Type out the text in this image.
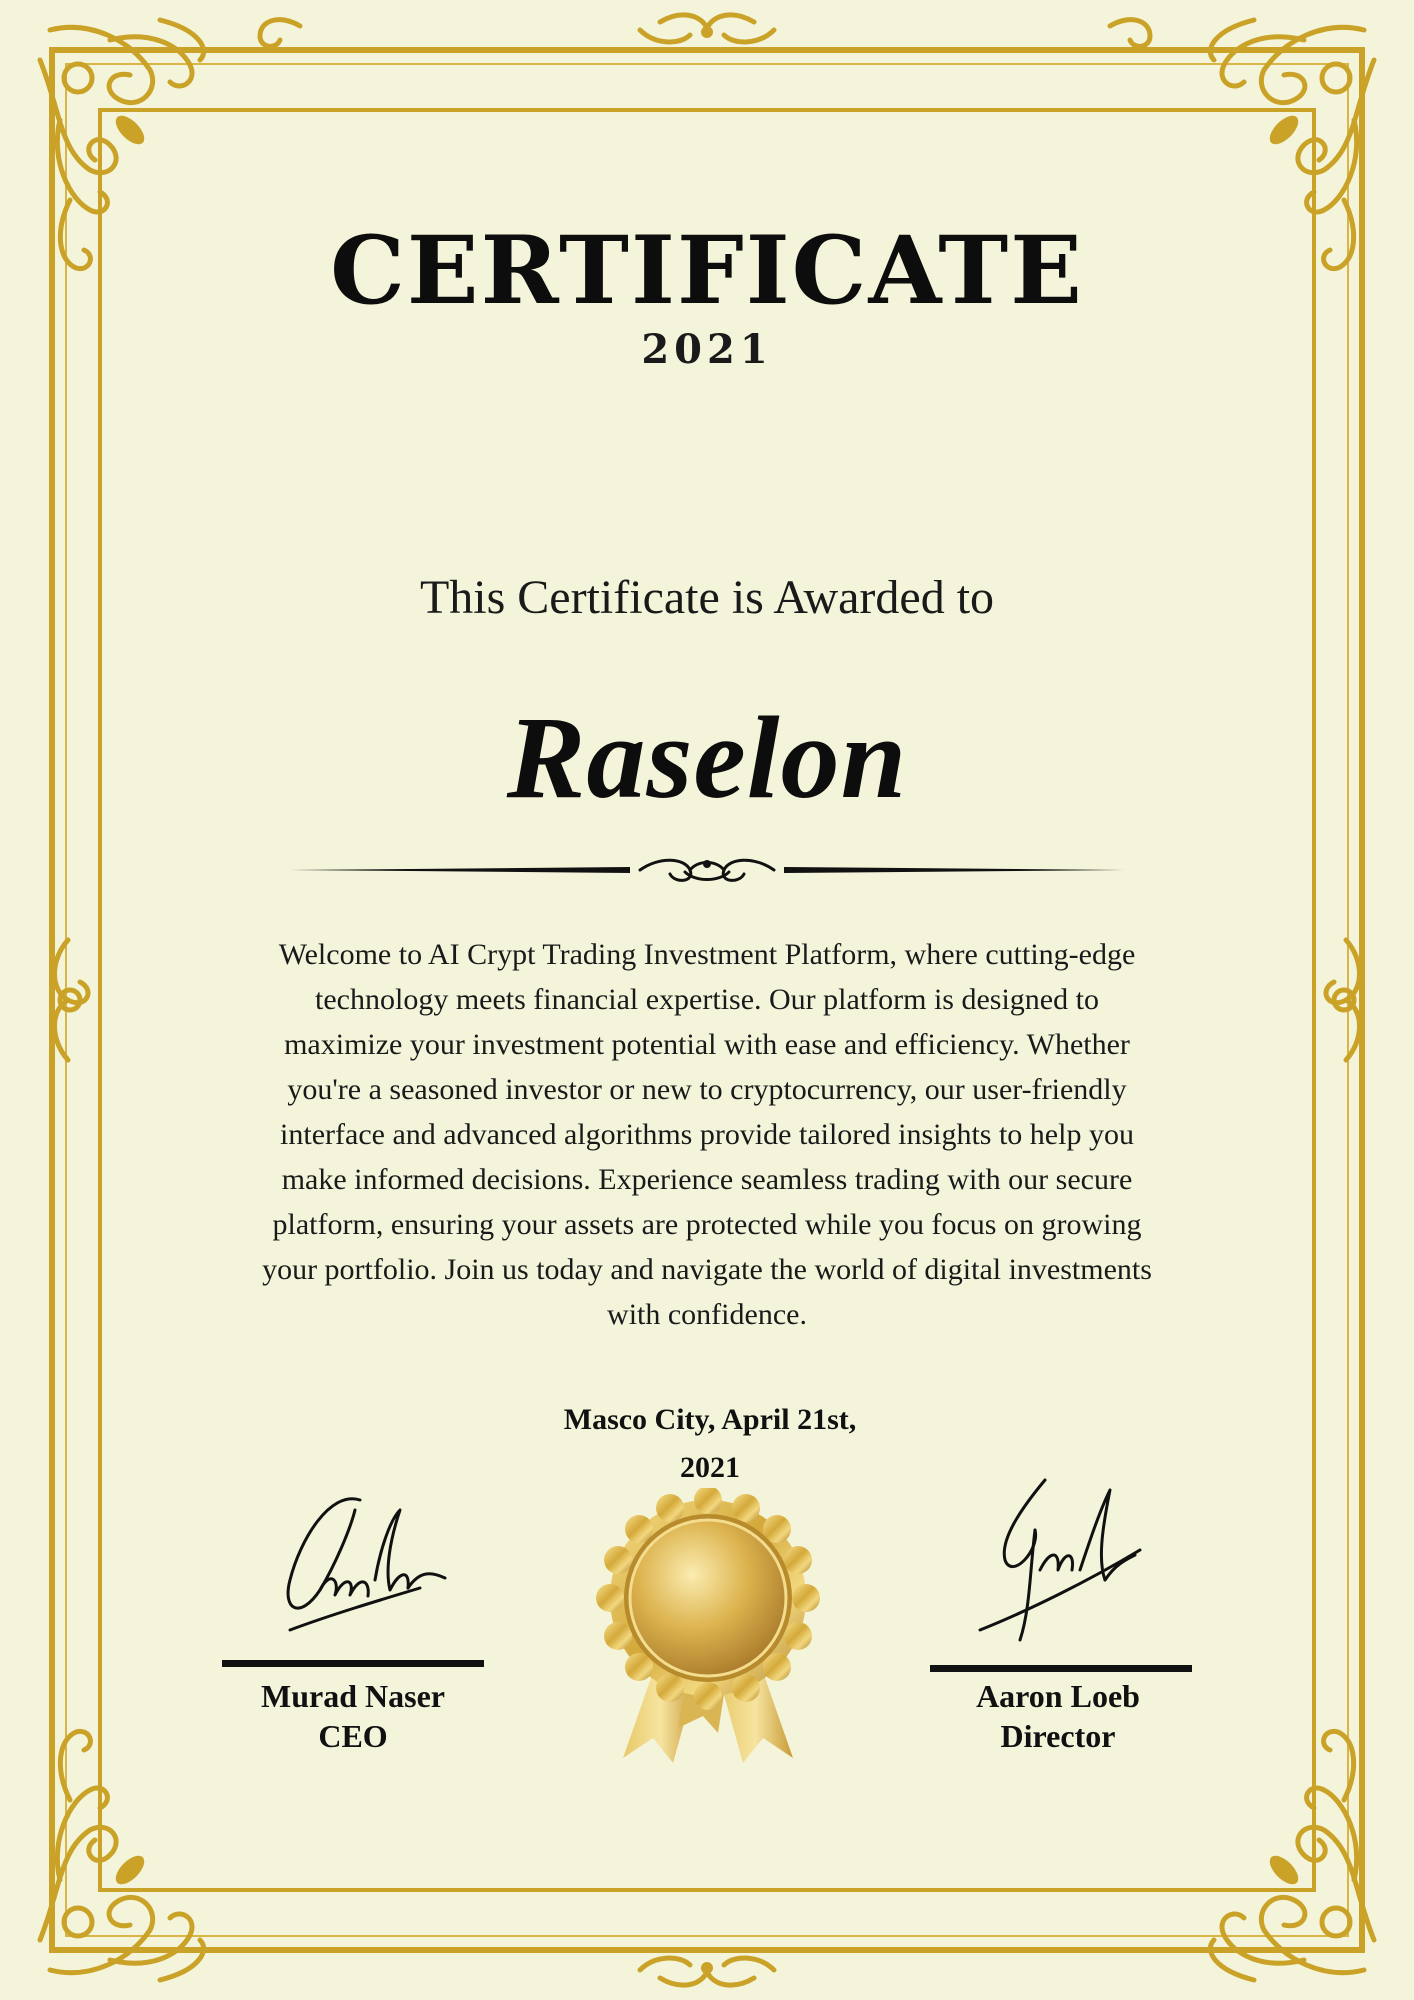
CERTIFICATE
2021
This Certificate is Awarded to
Raselon
Welcome to AI Crypt Trading Investment Platform, where cutting-edge
technology meets financial expertise. Our platform is designed to
maximize your investment potential with ease and efficiency. Whether
you're a seasoned investor or new to cryptocurrency, our user-friendly
interface and advanced algorithms provide tailored insights to help you
make informed decisions. Experience seamless trading with our secure
platform, ensuring your assets are protected while you focus on growing
your portfolio. Join us today and navigate the world of digital investments
with confidence.
Masco City, April 21st,
2021
Murad Naser
CEO
Aaron Loeb
Director
